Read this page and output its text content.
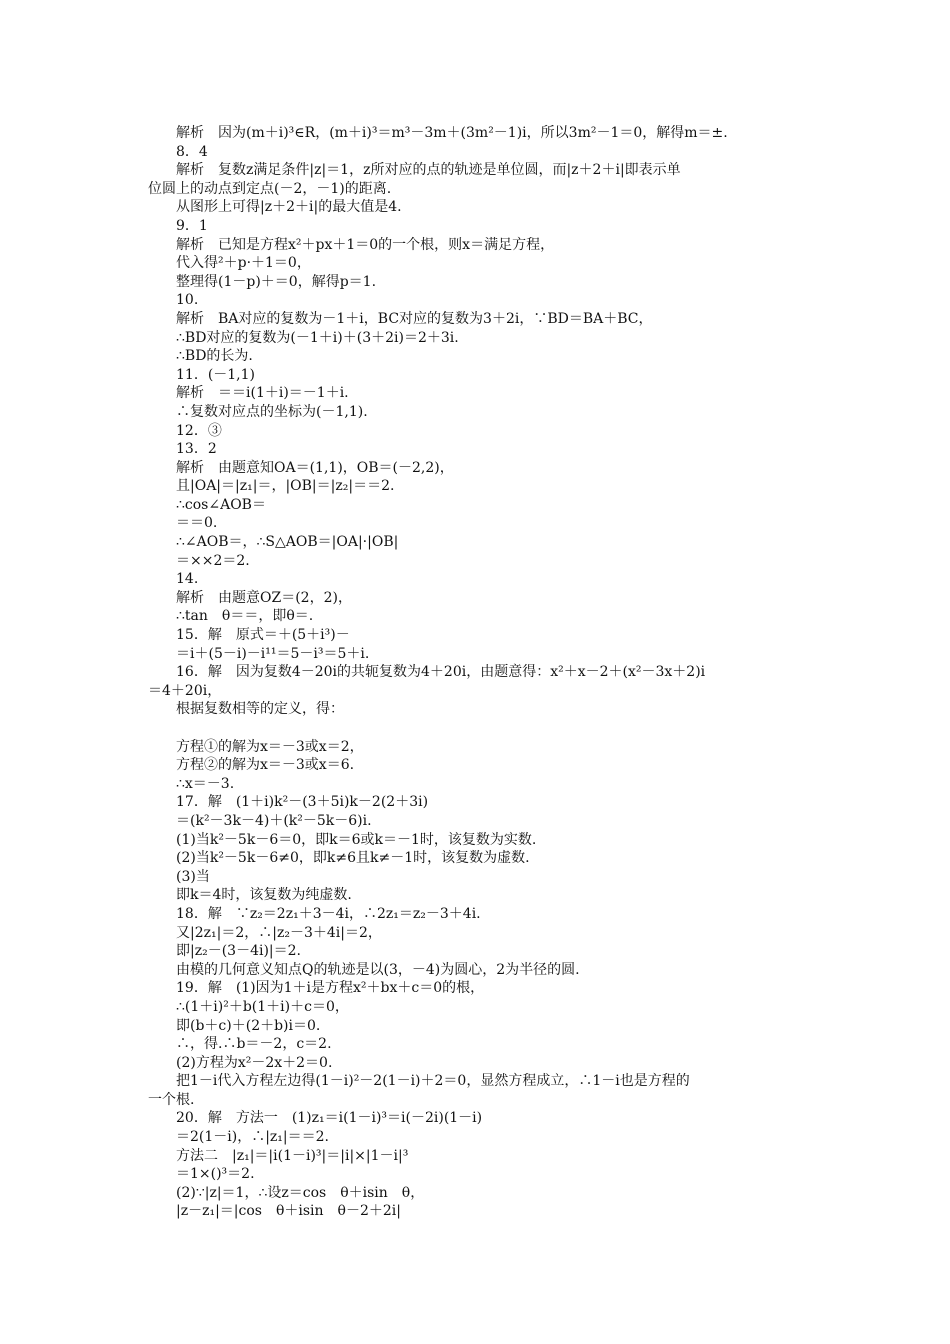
解析　因为(m＋i)³∈R，(m＋i)³＝m³－3m＋(3m²－1)i，所以3m²－1＝0，解得m＝±.
8．4
解析　复数z满足条件|z|＝1，z所对应的点的轨迹是单位圆，而|z＋2＋i|即表示单
位圆上的动点到定点(－2，－1)的距离.
从图形上可得|z＋2＋i|的最大值是4.
9．1
解析　已知是方程x²＋px＋1＝0的一个根，则x＝满足方程，
代入得²＋p·＋1＝0，
整理得(1－p)＋＝0，解得p＝1.
10.
解析　BA对应的复数为－1＋i，BC对应的复数为3＋2i，∵BD＝BA＋BC，
∴BD对应的复数为(－1＋i)＋(3＋2i)＝2＋3i.
∴BD的长为.
11．(－1,1)
解析　＝＝i(1＋i)＝－1＋i.
∴复数对应点的坐标为(－1,1).
12．③
13．2
解析　由题意知OA＝(1,1)，OB＝(－2,2)，
且|OA|＝|z₁|＝，|OB|＝|z₂|＝＝2.
∴cos∠AOB＝
＝＝0.
∴∠AOB＝，∴S△AOB＝|OA|·|OB|
＝××2＝2.
14.
解析　由题意OZ＝(2，2)，
∴tan　θ＝＝，即θ＝.
15．解　原式＝＋(5＋i³)－
＝i＋(5－i)－i¹¹＝5－i³＝5＋i.
16．解　因为复数4－20i的共轭复数为4＋20i，由题意得：x²＋x－2＋(x²－3x＋2)i
＝4＋20i，
根据复数相等的定义，得：
方程①的解为x＝－3或x＝2，
方程②的解为x＝－3或x＝6.
∴x＝－3.
17．解　(1＋i)k²－(3＋5i)k－2(2＋3i)
＝(k²－3k－4)＋(k²－5k－6)i.
(1)当k²－5k－6＝0，即k＝6或k＝－1时，该复数为实数.
(2)当k²－5k－6≠0，即k≠6且k≠－1时，该复数为虚数.
(3)当
即k＝4时，该复数为纯虚数.
18．解　∵z₂＝2z₁＋3－4i，∴2z₁＝z₂－3＋4i.
又|2z₁|＝2，∴|z₂－3＋4i|＝2，
即|z₂－(3－4i)|＝2.
由模的几何意义知点Q的轨迹是以(3，－4)为圆心，2为半径的圆.
19．解　(1)因为1＋i是方程x²＋bx＋c＝0的根，
∴(1＋i)²＋b(1＋i)＋c＝0，
即(b＋c)＋(2＋b)i＝0.
∴，得.∴b＝－2，c＝2.
(2)方程为x²－2x＋2＝0.
把1－i代入方程左边得(1－i)²－2(1－i)＋2＝0，显然方程成立，∴1－i也是方程的
一个根.
20．解　方法一　(1)z₁＝i(1－i)³＝i(－2i)(1－i)
＝2(1－i)，∴|z₁|＝＝2.
方法二　|z₁|＝|i(1－i)³|＝|i|×|1－i|³
＝1×()³＝2.
(2)∵|z|＝1，∴设z＝cos　θ＋isin　θ，
|z－z₁|＝|cos　θ＋isin　θ－2＋2i|
